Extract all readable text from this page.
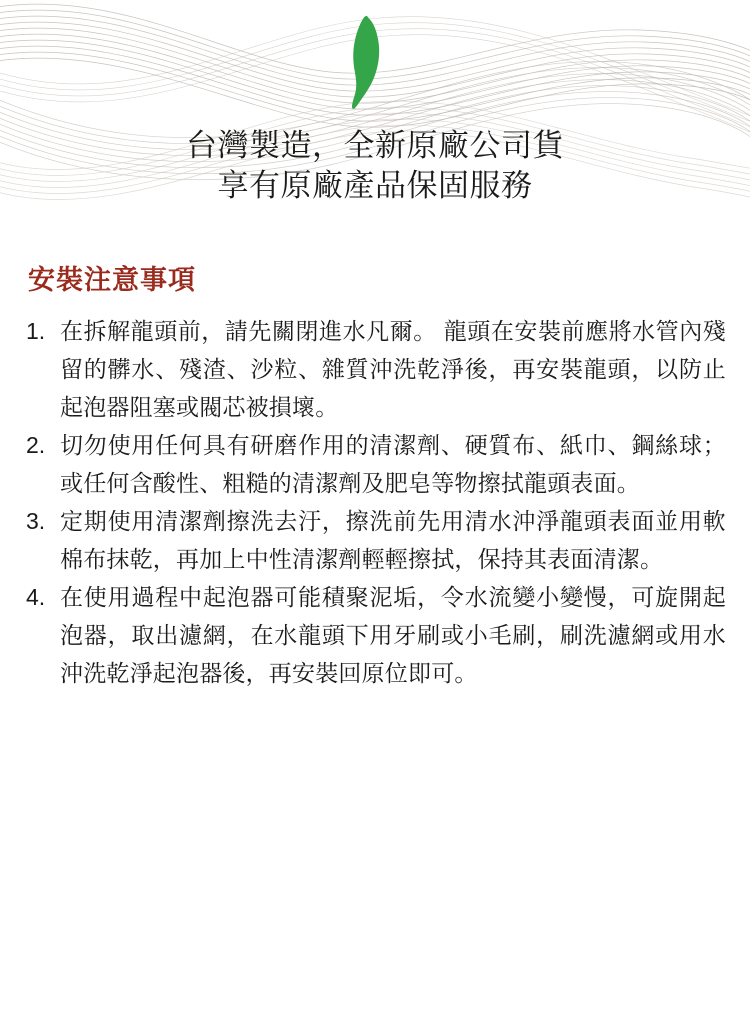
台灣製造，全新原廠公司貨
享有原廠產品保固服務
安裝注意事項
1. 在拆解龍頭前，請先關閉進水凡爾。 龍頭在安裝前應將水管內殘留的髒水、殘渣、沙粒、雜質沖洗乾淨後，再安裝龍頭，以防止起泡器阻塞或閥芯被損壞。
2. 切勿使用任何具有研磨作用的清潔劑、硬質布、紙巾、鋼絲球；或任何含酸性、粗糙的清潔劑及肥皂等物擦拭龍頭表面。
3. 定期使用清潔劑擦洗去汙，擦洗前先用清水沖淨龍頭表面並用軟棉布抹乾，再加上中性清潔劑輕輕擦拭，保持其表面清潔。
4. 在使用過程中起泡器可能積聚泥垢，令水流變小變慢，可旋開起泡器，取出濾網，在水龍頭下用牙刷或小毛刷，刷洗濾網或用水沖洗乾淨起泡器後，再安裝回原位即可。
